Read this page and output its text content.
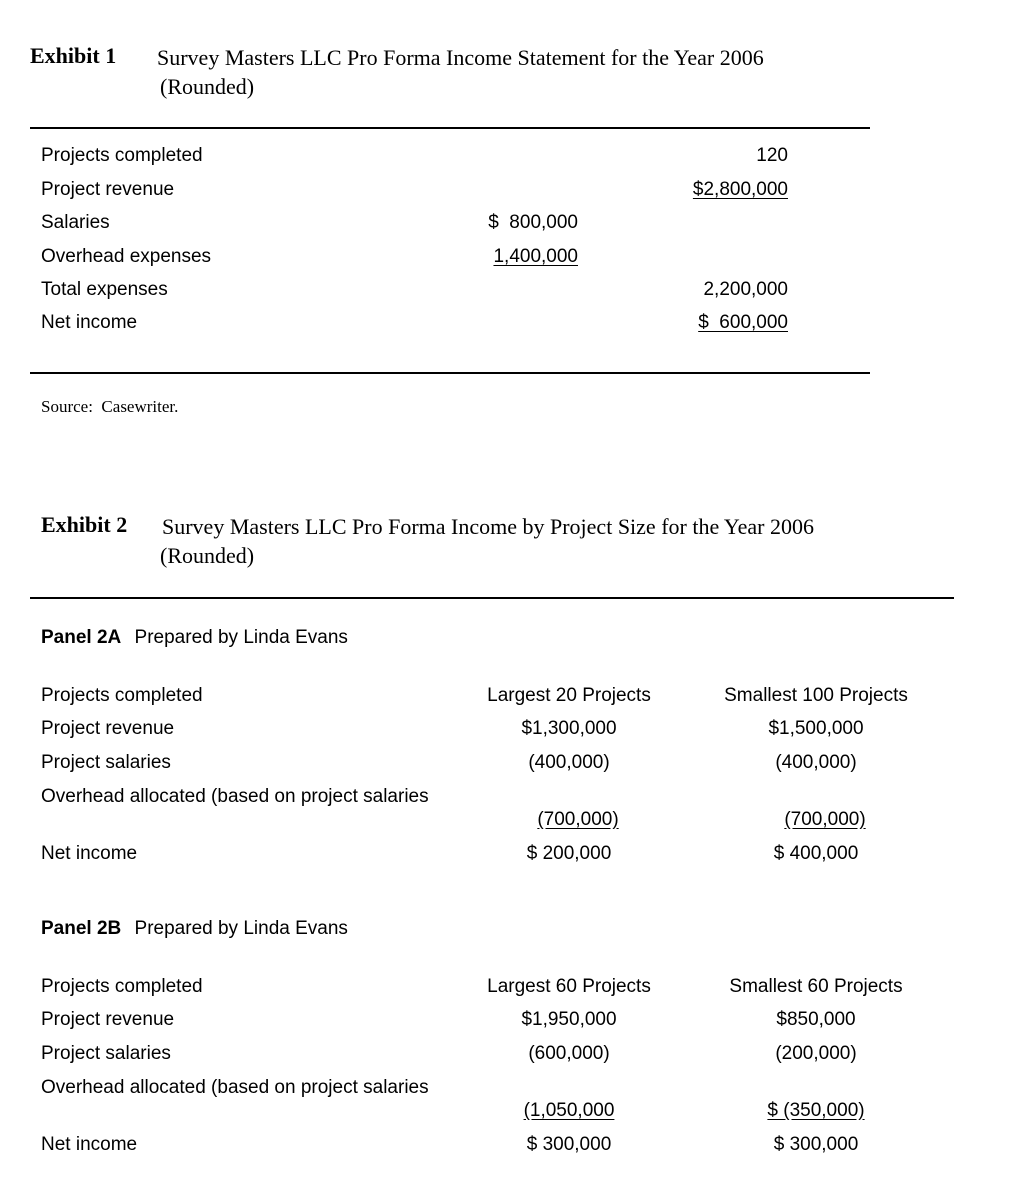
Exhibit 1 Survey Masters LLC Pro Forma Income Statement for the Year 2006
(Rounded)
Projects completed
Project revenue
Salaries
Overhead expenses
Total expenses
Net income
$  800,000
1,400,000
120
$2,800,000
2,200,000
$  600,000
Source:  Casewriter.
Exhibit 2 Survey Masters LLC Pro Forma Income by Project Size for the Year 2006
(Rounded)
Panel 2A Prepared by Linda Evans
Projects completed
Project revenue
Project salaries
Overhead allocated (based on project salaries
Net income
Largest 20 Projects
$1,300,000
(400,000)
(700,000)
$ 200,000
Smallest 100 Projects
$1,500,000
(400,000)
(700,000)
$ 400,000
Panel 2B Prepared by Linda Evans
Projects completed
Project revenue
Project salaries
Overhead allocated (based on project salaries
Net income
Largest 60 Projects
$1,950,000
(600,000)
(1,050,000
$ 300,000
Smallest 60 Projects
$850,000
(200,000)
$ (350,000)
$ 300,000
